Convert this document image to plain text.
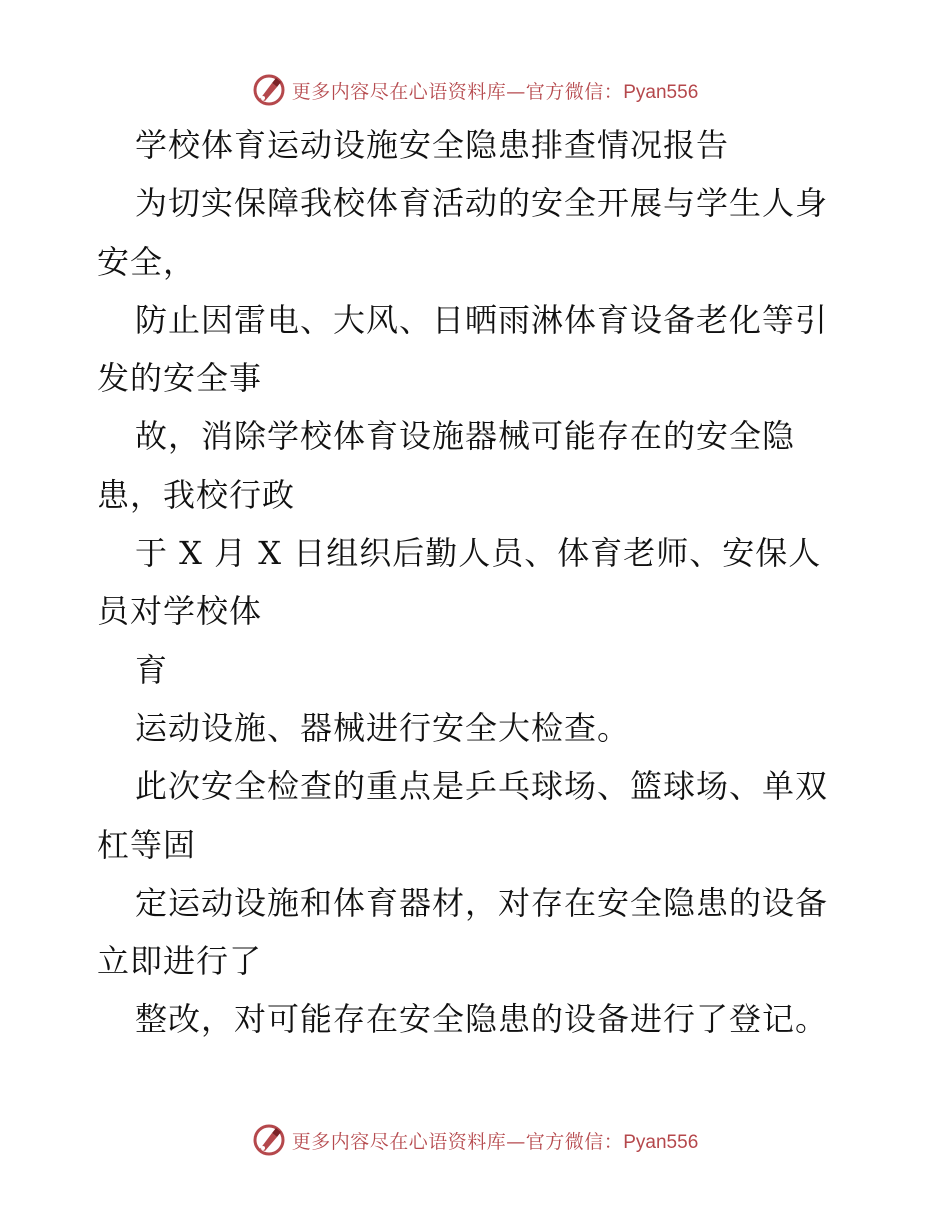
更多内容尽在心语资料库—官方微信：Pyan556
学校体育运动设施安全隐患排查情况报告
为切实保障我校体育活动的安全开展与学生人身
安全，
防止因雷电、大风、日晒雨淋体育设备老化等引
发的安全事
故，消除学校体育设施器械可能存在的安全隐
患，我校行政
于 X 月 X 日组织后勤人员、体育老师、安保人
员对学校体
育
运动设施、器械进行安全大检查。
此次安全检查的重点是乒乓球场、篮球场、单双
杠等固
定运动设施和体育器材，对存在安全隐患的设备
立即进行了
整改，对可能存在安全隐患的设备进行了登记。
更多内容尽在心语资料库—官方微信：Pyan556
